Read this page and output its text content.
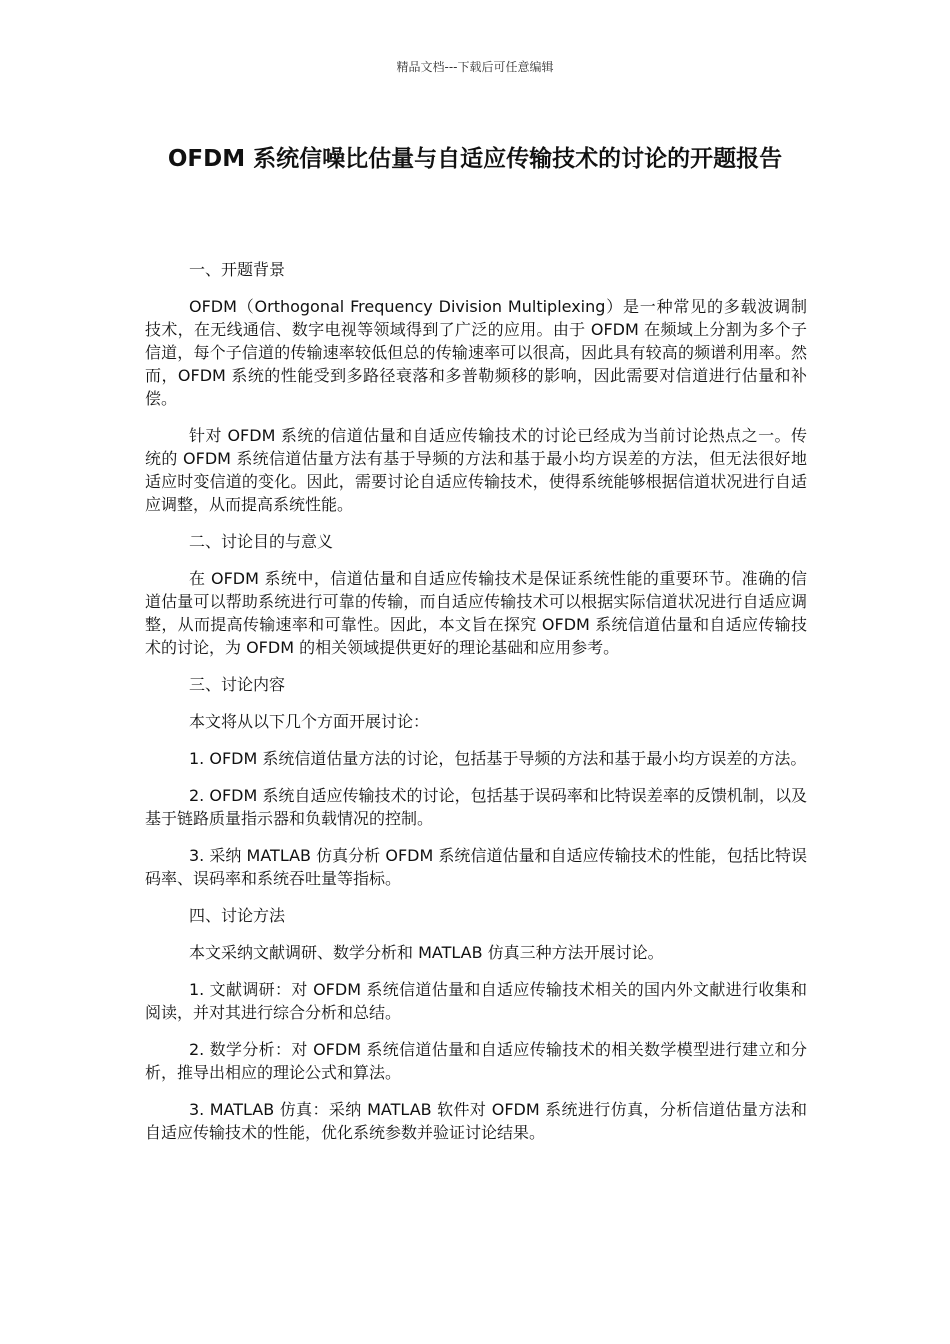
精品文档---下载后可任意编辑
OFDM 系统信噪比估量与自适应传输技术的讨论的开题报告

一、开题背景

OFDM（Orthogonal Frequency Division Multiplexing）是一种常见的多载波调制技术，在无线通信、数字电视等领域得到了广泛的应用。由于 OFDM 在频域上分割为多个子信道，每个子信道的传输速率较低但总的传输速率可以很高，因此具有较高的频谱利用率。然而，OFDM 系统的性能受到多路径衰落和多普勒频移的影响，因此需要对信道进行估量和补偿。

针对 OFDM 系统的信道估量和自适应传输技术的讨论已经成为当前讨论热点之一。传统的 OFDM 系统信道估量方法有基于导频的方法和基于最小均方误差的方法，但无法很好地适应时变信道的变化。因此，需要讨论自适应传输技术，使得系统能够根据信道状况进行自适应调整，从而提高系统性能。

二、讨论目的与意义

在 OFDM 系统中，信道估量和自适应传输技术是保证系统性能的重要环节。准确的信道估量可以帮助系统进行可靠的传输，而自适应传输技术可以根据实际信道状况进行自适应调整，从而提高传输速率和可靠性。因此，本文旨在探究 OFDM 系统信道估量和自适应传输技术的讨论，为 OFDM 的相关领域提供更好的理论基础和应用参考。

三、讨论内容

本文将从以下几个方面开展讨论：

1. OFDM 系统信道估量方法的讨论，包括基于导频的方法和基于最小均方误差的方法。

2. OFDM 系统自适应传输技术的讨论，包括基于误码率和比特误差率的反馈机制，以及基于链路质量指示器和负载情况的控制。

3. 采纳 MATLAB 仿真分析 OFDM 系统信道估量和自适应传输技术的性能，包括比特误码率、误码率和系统吞吐量等指标。

四、讨论方法

本文采纳文献调研、数学分析和 MATLAB 仿真三种方法开展讨论。

1. 文献调研：对 OFDM 系统信道估量和自适应传输技术相关的国内外文献进行收集和阅读，并对其进行综合分析和总结。

2. 数学分析：对 OFDM 系统信道估量和自适应传输技术的相关数学模型进行建立和分析，推导出相应的理论公式和算法。

3. MATLAB 仿真：采纳 MATLAB 软件对 OFDM 系统进行仿真，分析信道估量方法和自适应传输技术的性能，优化系统参数并验证讨论结果。
